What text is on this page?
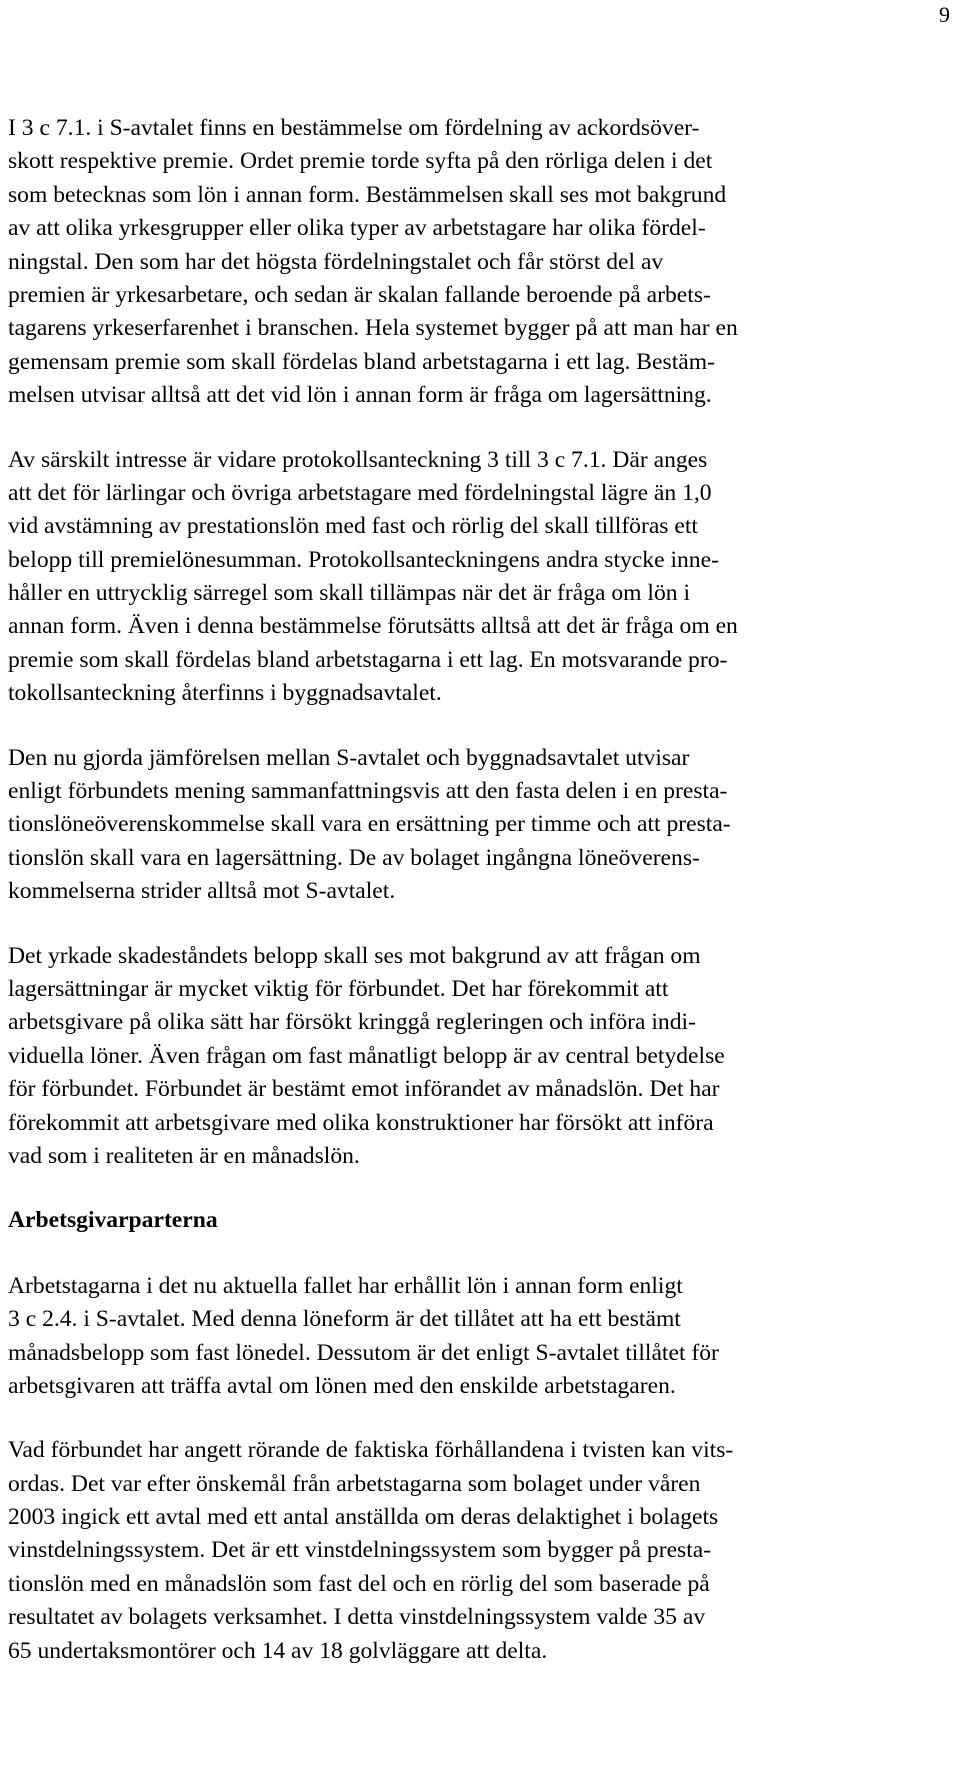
9
I 3 c 7.1. i S-avtalet finns en bestämmelse om fördelning av ackordsöver-
skott respektive premie. Ordet premie torde syfta på den rörliga delen i det
som betecknas som lön i annan form. Bestämmelsen skall ses mot bakgrund
av att olika yrkesgrupper eller olika typer av arbetstagare har olika fördel-
ningstal. Den som har det högsta fördelningstalet och får störst del av
premien är yrkesarbetare, och sedan är skalan fallande beroende på arbets-
tagarens yrkeserfarenhet i branschen. Hela systemet bygger på att man har en
gemensam premie som skall fördelas bland arbetstagarna i ett lag. Bestäm-
melsen utvisar alltså att det vid lön i annan form är fråga om lagersättning.
Av särskilt intresse är vidare protokollsanteckning 3 till 3 c 7.1. Där anges
att det för lärlingar och övriga arbetstagare med fördelningstal lägre än 1,0
vid avstämning av prestationslön med fast och rörlig del skall tillföras ett
belopp till premielönesumman. Protokollsanteckningens andra stycke inne-
håller en uttrycklig särregel som skall tillämpas när det är fråga om lön i
annan form. Även i denna bestämmelse förutsätts alltså att det är fråga om en
premie som skall fördelas bland arbetstagarna i ett lag. En motsvarande pro-
tokollsanteckning återfinns i byggnadsavtalet.
Den nu gjorda jämförelsen mellan S-avtalet och byggnadsavtalet utvisar
enligt förbundets mening sammanfattningsvis att den fasta delen i en presta-
tionslöneöverenskommelse skall vara en ersättning per timme och att presta-
tionslön skall vara en lagersättning. De av bolaget ingångna löneöverens-
kommelserna strider alltså mot S-avtalet.
Det yrkade skadeståndets belopp skall ses mot bakgrund av att frågan om
lagersättningar är mycket viktig för förbundet. Det har förekommit att
arbetsgivare på olika sätt har försökt kringgå regleringen och införa indi-
viduella löner. Även frågan om fast månatligt belopp är av central betydelse
för förbundet. Förbundet är bestämt emot införandet av månadslön. Det har
förekommit att arbetsgivare med olika konstruktioner har försökt att införa
vad som i realiteten är en månadslön.
Arbetsgivarparterna
Arbetstagarna i det nu aktuella fallet har erhållit lön i annan form enligt
3 c 2.4. i S-avtalet. Med denna löneform är det tillåtet att ha ett bestämt
månadsbelopp som fast lönedel. Dessutom är det enligt S-avtalet tillåtet för
arbetsgivaren att träffa avtal om lönen med den enskilde arbetstagaren.
Vad förbundet har angett rörande de faktiska förhållandena i tvisten kan vits-
ordas. Det var efter önskemål från arbetstagarna som bolaget under våren
2003 ingick ett avtal med ett antal anställda om deras delaktighet i bolagets
vinstdelningssystem. Det är ett vinstdelningssystem som bygger på presta-
tionslön med en månadslön som fast del och en rörlig del som baserade på
resultatet av bolagets verksamhet. I detta vinstdelningssystem valde 35 av
65 undertaksmontörer och 14 av 18 golvläggare att delta.
